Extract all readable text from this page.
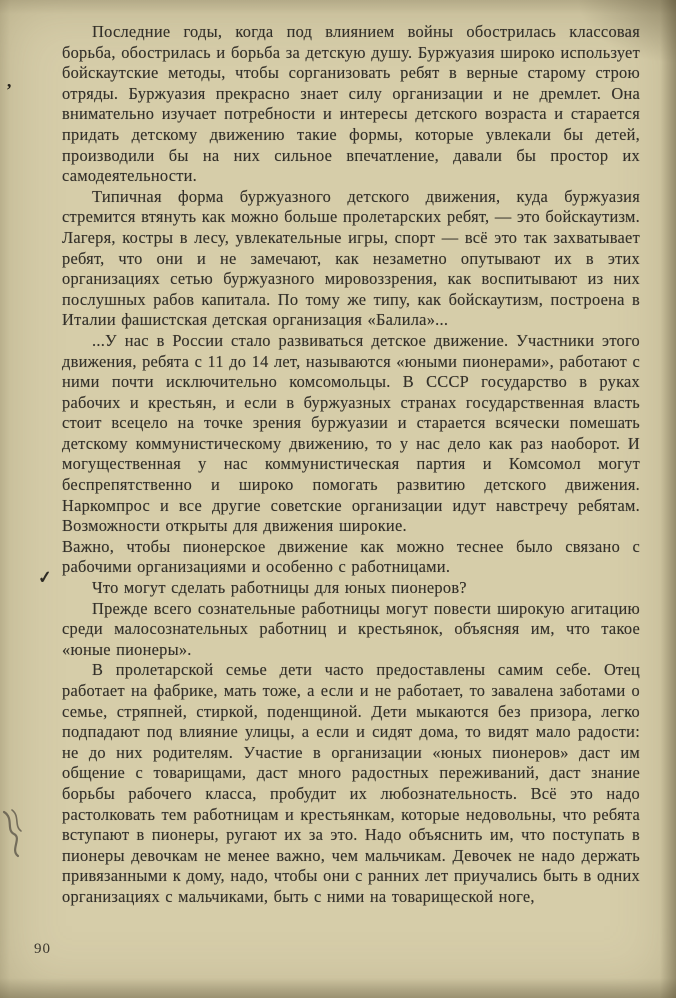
’
✓

Последние годы, когда под влиянием войны обострилась классовая борьба, обострилась и борьба за детскую душу. Буржуазия широко использует бойскаутские методы, чтобы сорганизовать ребят в верные старому строю отряды. Буржуазия прекрасно знает силу организации и не дремлет. Она внимательно изучает потребности и интересы детского возраста и старается придать детскому движению такие формы, которые увлекали бы детей, производили бы на них сильное впечатление, давали бы простор их самодеятельности.

Типичная форма буржуазного детского движения, куда буржуазия стремится втянуть как можно больше пролетарских ребят, — это бойскаутизм. Лагеря, костры в лесу, увлекательные игры, спорт — всё это так захватывает ребят, что они и не замечают, как незаметно опутывают их в этих организациях сетью буржуазного мировоззрения, как воспитывают из них послушных рабов капитала. По тому же типу, как бойскаутизм, построена в Италии фашистская детская организация «Балила»...

...У нас в России стало развиваться детское движение. Участники этого движения, ребята с 11 до 14 лет, называются «юными пионерами», работают с ними почти исключительно комсомольцы. В СССР государство в руках рабочих и крестьян, и если в буржуазных странах государственная власть стоит всецело на точке зрения буржуазии и старается всячески помешать детскому коммунистическому движению, то у нас дело как раз наоборот. И могущественная у нас коммунистическая партия и Комсомол могут беспрепятственно и широко помогать развитию детского движения. Наркомпрос и все другие советские организации идут навстречу ребятам. Возможности открыты для движения широкие.

Важно, чтобы пионерское движение как можно теснее было связано с рабочими организациями и особенно с работницами.

Что могут сделать работницы для юных пионеров?

Прежде всего сознательные работницы могут повести широкую агитацию среди малосознательных работниц и крестьянок, объясняя им, что такое «юные пионеры».

В пролетарской семье дети часто предоставлены самим себе. Отец работает на фабрике, мать тоже, а если и не работает, то завалена заботами о семье, стряпней, стиркой, поденщиной. Дети мыкаются без призора, легко подпадают под влияние улицы, а если и сидят дома, то видят мало радости: не до них родителям. Участие в организации «юных пионеров» даст им общение с товарищами, даст много радостных переживаний, даст знание борьбы рабочего класса, пробудит их любознательность. Всё это надо растолковать тем работницам и крестьянкам, которые недовольны, что ребята вступают в пионеры, ругают их за это. Надо объяснить им, что поступать в пионеры девочкам не менее важно, чем мальчикам. Девочек не надо держать привязанными к дому, надо, чтобы они с ранних лет приучались быть в одних организациях с мальчиками, быть с ними на товарищеской ноге,

90
